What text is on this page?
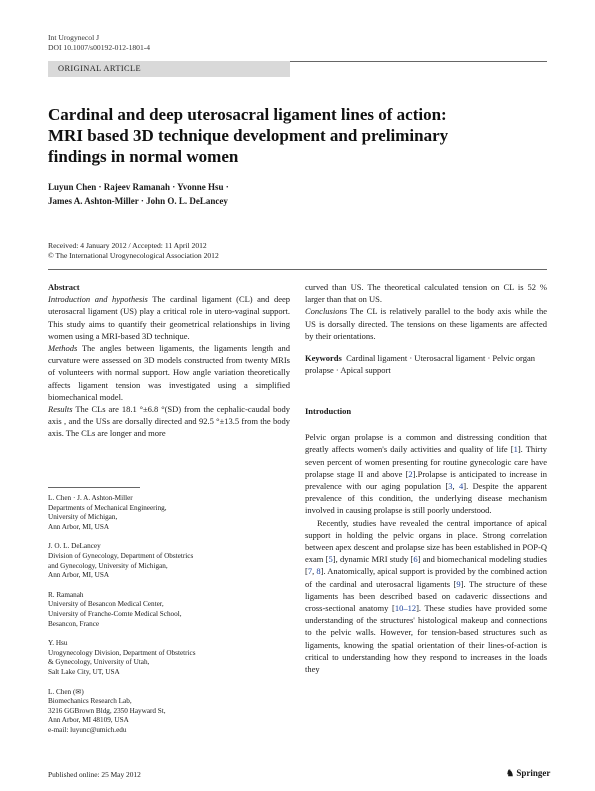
Int Urogynecol J
DOI 10.1007/s00192-012-1801-4
ORIGINAL ARTICLE
Cardinal and deep uterosacral ligament lines of action:
MRI based 3D technique development and preliminary
findings in normal women
Luyun Chen · Rajeev Ramanah · Yvonne Hsu ·
James A. Ashton-Miller · John O. L. DeLancey
Received: 4 January 2012 / Accepted: 11 April 2012
© The International Urogynecological Association 2012

Abstract

Introduction and hypothesis The cardinal ligament (CL) and deep uterosacral ligament (US) play a critical role in utero-vaginal support. This study aims to quantify their geometrical relationships in living women using a MRI-based 3D technique.

Methods The angles between ligaments, the ligaments length and curvature were assessed on 3D models constructed from twenty MRIs of volunteers with normal support. How angle variation theoretically affects ligament tension was investigated using a simplified biomechanical model.

Results The CLs are 18.1 °±6.8 °(SD) from the cephalic-caudal body axis , and the USs are dorsally directed and 92.5 °±13.5 from the body axis. The CLs are longer and more

L. Chen · J. A. Ashton-Miller
Departments of Mechanical Engineering,
University of Michigan,
Ann Arbor, MI, USA

J. O. L. DeLancey
Division of Gynecology, Department of Obstetrics
and Gynecology, University of Michigan,
Ann Arbor, MI, USA

R. Ramanah
University of Besancon Medical Center,
University of Franche-Comte Medical School,
Besancon, France

Y. Hsu
Urogynecology Division, Department of Obstetrics
& Gynecology, University of Utah,
Salt Lake City, UT, USA

L. Chen (✉)
Biomechanics Research Lab,
3216 GGBrown Bldg, 2350 Hayward St,
Ann Arbor, MI 48109, USA
e-mail: luyunc@umich.edu

curved than US. The theoretical calculated tension on CL is 52 % larger than that on US.

Conclusions The CL is relatively parallel to the body axis while the US is dorsally directed. The tensions on these ligaments are affected by their orientations.

Keywords Cardinal ligament · Uterosacral ligament · Pelvic organ prolapse · Apical support

Introduction

Pelvic organ prolapse is a common and distressing condition that greatly affects women's daily activities and quality of life [1]. Thirty seven percent of women presenting for routine gynecologic care have prolapse stage II and above [2].Prolapse is anticipated to increase in prevalence with our aging population [3, 4]. Despite the apparent prevalence of this condition, the underlying disease mechanism involved in causing prolapse is still poorly understood.

Recently, studies have revealed the central importance of apical support in holding the pelvic organs in place. Strong correlation between apex descent and prolapse size has been established in POP-Q exam [5], dynamic MRI study [6] and biomechanical modeling studies [7, 8]. Anatomically, apical support is provided by the combined action of the cardinal and uterosacral ligaments [9]. The structure of these ligaments has been described based on cadaveric dissections and cross-sectional anatomy [10–12]. These studies have provided some understanding of the structures' histological makeup and connections to the pelvic walls. However, for tension-based structures such as ligaments, knowing the spatial orientation of their lines-of-action is critical to understanding how they respond to increases in the loads they

Published online: 25 May 2012	♞ Springer
